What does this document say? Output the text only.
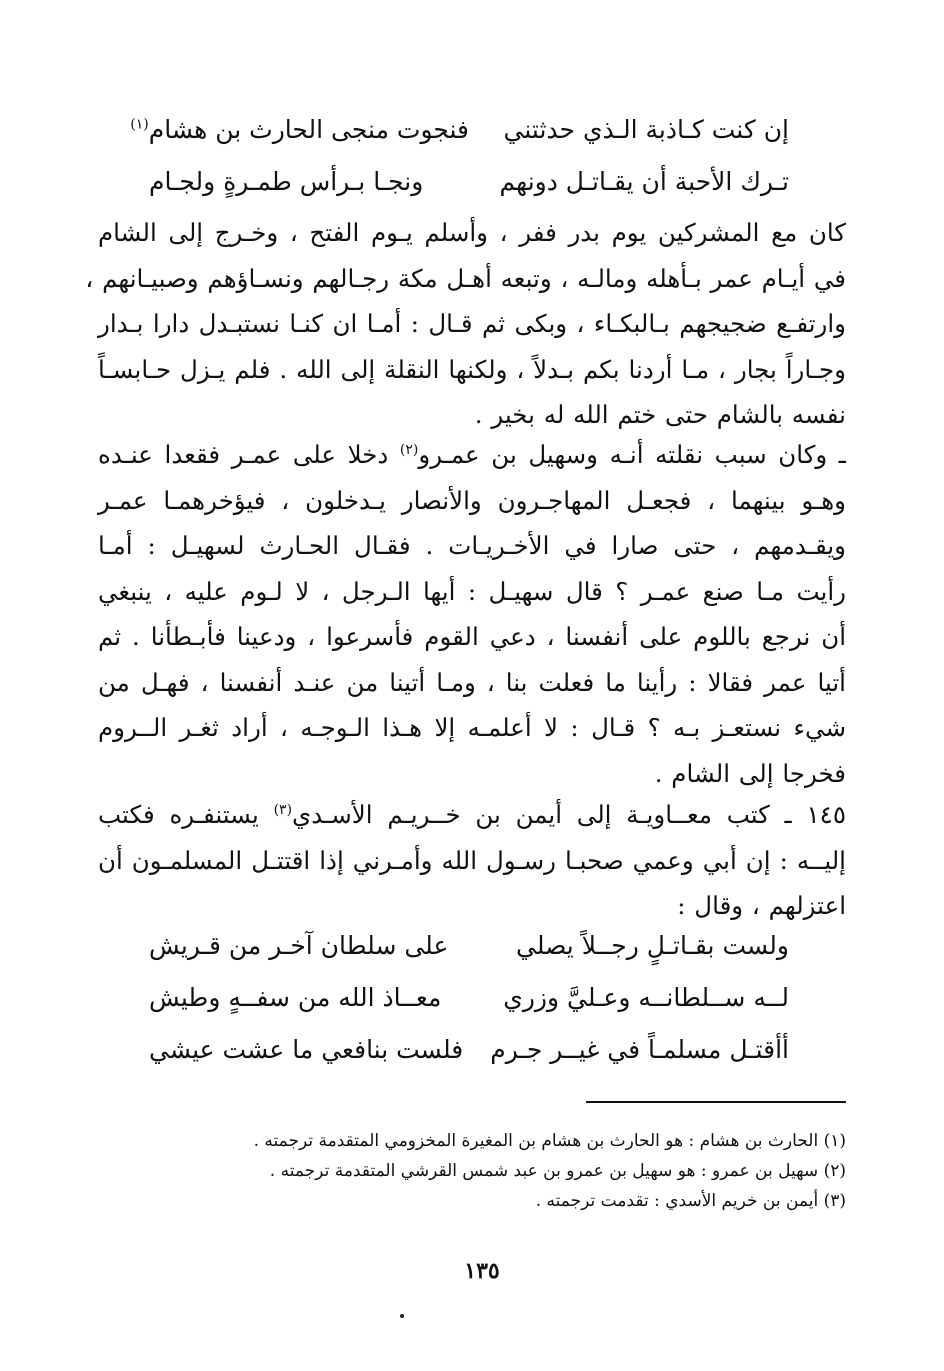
إن كنت كـاذبة الـذي حدثتني
فنجوت منجى الحارث بن هشام$^{(١)}$
تـرك الأحبة أن يقـاتـل دونهم
ونجـا بـرأس طمـرةٍ ولجـام
كان مع المشركين يوم بدر ففر ، وأسلم يـوم الفتح ، وخـرج إلى الشام
في أيـام عمر بـأهله ومالـه ، وتبعه أهـل مكة رجـالهم ونسـاؤهم وصبيـانهم ،
وارتفـع ضجيجهم بـالبكـاء ، وبكى ثم قـال : أمـا ان كنـا نستبـدل دارا بـدار
وجـاراً بجار ، مـا أردنا بكم بـدلاً ، ولكنها النقلة إلى الله . فلم يـزل حـابسـاً
نفسه بالشام حتى ختم الله له بخير .
ـ وكان سبب نقلته أنـه وسهيل بن عمـرو$^{(٢)}$ دخلا على عمـر فقعدا عنـده
وهـو بينهما ، فجعـل المهاجـرون والأنصار يـدخلون ، فيؤخرهمـا عمـر
ويقـدمهم ، حتى صارا في الأخـريـات . فقـال الحـارث لسهيـل : أمـا
رأيت مـا صنع عمـر ؟ قال سهيـل : أيها الـرجل ، لا لـوم عليه ، ينبغي
أن نرجع باللوم على أنفسنا ، دعي القوم فأسرعوا ، ودعينا فأبـطأنا . ثم
أتيا عمر فقالا : رأينا ما فعلت بنا ، ومـا أتينا من عنـد أنفسنا ، فهـل من
شيء نستعـز بـه ؟ قـال : لا أعلمـه إلا هـذا الـوجـه ، أراد ثغـر الــروم
فخرجا إلى الشام .
١٤٥ ـ كتب معــاويـة إلى أيمن بن خــريـم الأسـدي$^{(٣)}$ يستنفـره فكتب
إليــه : إن أبي وعمي صحبـا رسـول الله وأمـرني إذا اقتتـل المسلمـون أن
اعتزلهم ، وقال :
ولست بقـاتـلٍ رجــلاً يصلي
على سلطان آخـر من قـريش
لــه ســلطانــه وعـليَّ وزري
معــاذ الله من سفــهٍ وطيش
أأقتـل مسلمـاً في غيــر جـرم
فلست بنافعي ما عشت عيشي
(١) الحارث بن هشام : هو الحارث بن هشام بن المغيرة المخزومي المتقدمة ترجمته .
(٢) سهيل بن عمرو : هو سهيل بن عمرو بن عبد شمس القرشي المتقدمة ترجمته .
(٣) أيمن بن خريم الأسدي : تقدمت ترجمته .
١٣٥
